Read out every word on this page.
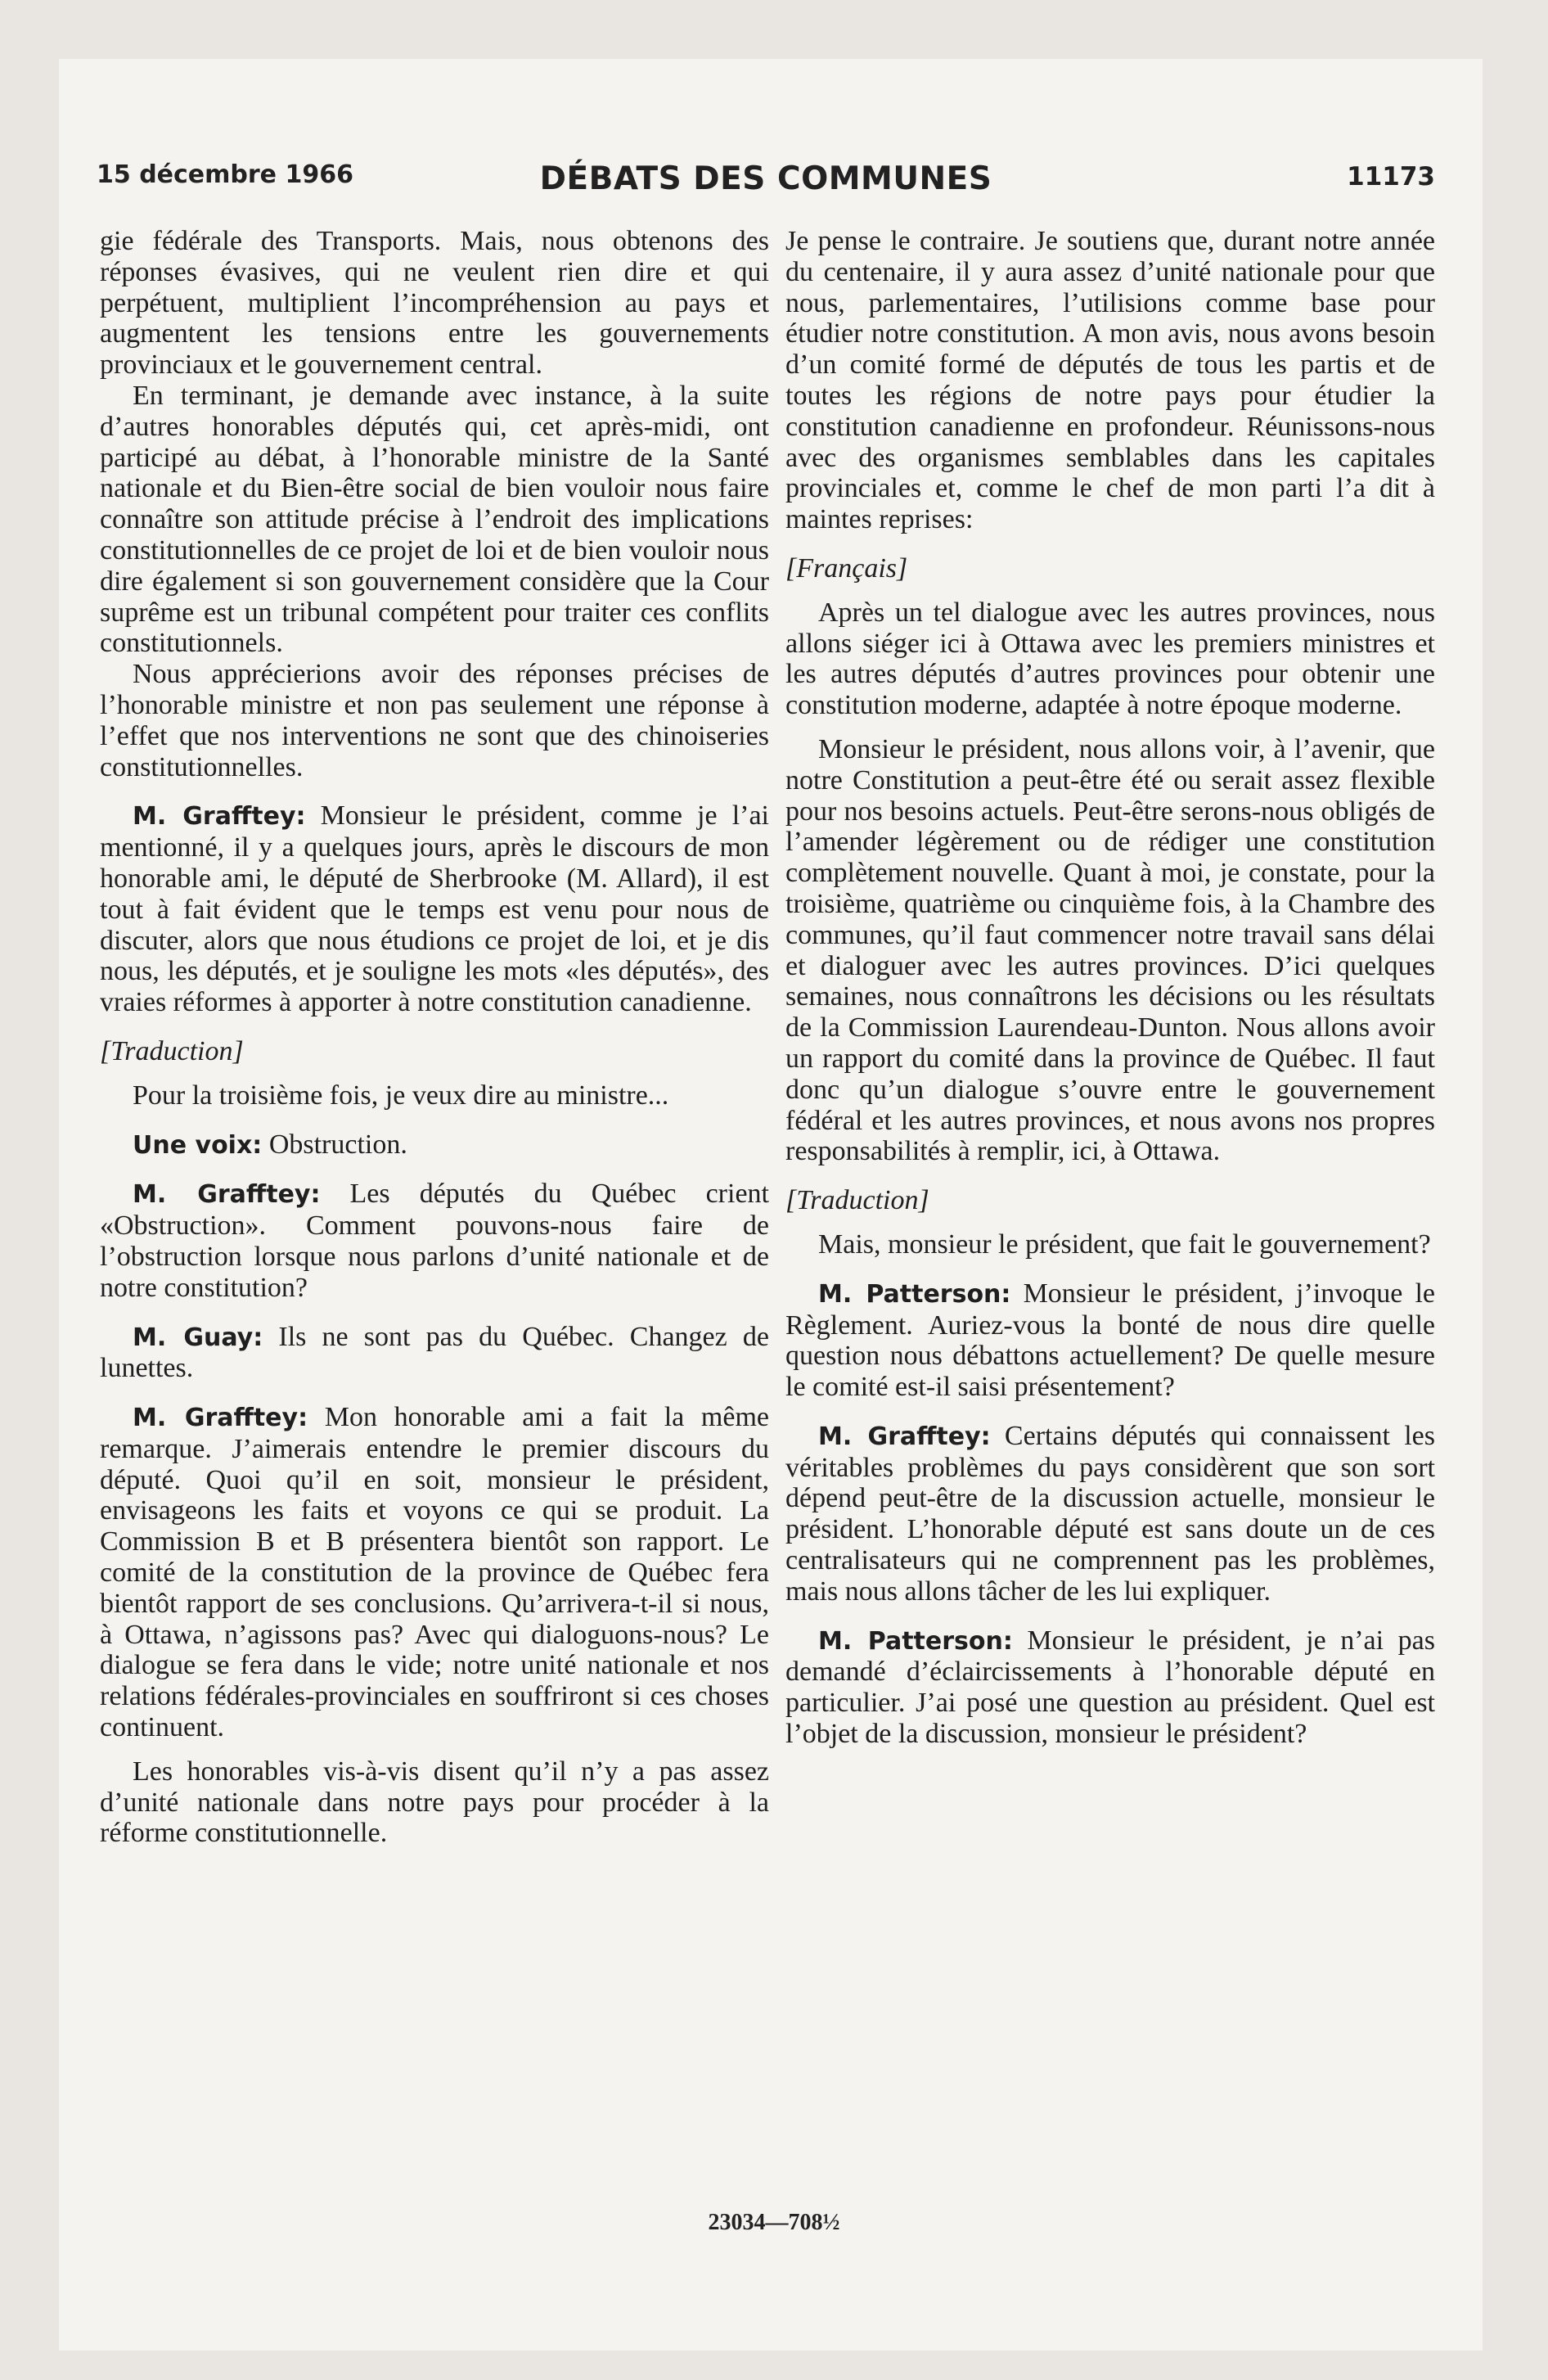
15 décembre 1966	DÉBATS DES COMMUNES	11173

gie fédérale des Transports. Mais, nous obtenons des réponses évasives, qui ne veulent rien dire et qui perpétuent, multiplient l’incompréhension au pays et augmentent les tensions entre les gouvernements provinciaux et le gouvernement central.

En terminant, je demande avec instance, à la suite d’autres honorables députés qui, cet après-midi, ont participé au débat, à l’honorable ministre de la Santé nationale et du Bien-être social de bien vouloir nous faire connaître son attitude précise à l’endroit des implications constitutionnelles de ce projet de loi et de bien vouloir nous dire également si son gouvernement considère que la Cour suprême est un tribunal compétent pour traiter ces conflits constitutionnels.

Nous apprécierions avoir des réponses précises de l’honorable ministre et non pas seulement une réponse à l’effet que nos interventions ne sont que des chinoiseries constitutionnelles.

M. Grafftey: Monsieur le président, comme je l’ai mentionné, il y a quelques jours, après le discours de mon honorable ami, le député de Sherbrooke (M. Allard), il est tout à fait évident que le temps est venu pour nous de discuter, alors que nous étudions ce projet de loi, et je dis nous, les députés, et je souligne les mots «les députés», des vraies réformes à apporter à notre constitution canadienne.

[Traduction]

Pour la troisième fois, je veux dire au ministre...

Une voix: Obstruction.

M. Grafftey: Les députés du Québec crient «Obstruction». Comment pouvons-nous faire de l’obstruction lorsque nous parlons d’unité nationale et de notre constitution?

M. Guay: Ils ne sont pas du Québec. Changez de lunettes.

M. Grafftey: Mon honorable ami a fait la même remarque. J’aimerais entendre le premier discours du député. Quoi qu’il en soit, monsieur le président, envisageons les faits et voyons ce qui se produit. La Commission B et B présentera bientôt son rapport. Le comité de la constitution de la province de Québec fera bientôt rapport de ses conclusions. Qu’arrivera-t-il si nous, à Ottawa, n’agissons pas? Avec qui dialoguons-nous? Le dialogue se fera dans le vide; notre unité nationale et nos relations fédérales-provinciales en souffriront si ces choses continuent.

Les honorables vis-à-vis disent qu’il n’y a pas assez d’unité nationale dans notre pays pour procéder à la réforme constitutionnelle.

Je pense le contraire. Je soutiens que, durant notre année du centenaire, il y aura assez d’unité nationale pour que nous, parlementaires, l’utilisions comme base pour étudier notre constitution. A mon avis, nous avons besoin d’un comité formé de députés de tous les partis et de toutes les régions de notre pays pour étudier la constitution canadienne en profondeur. Réunissons-nous avec des organismes semblables dans les capitales provinciales et, comme le chef de mon parti l’a dit à maintes reprises:

[Français]

Après un tel dialogue avec les autres provinces, nous allons siéger ici à Ottawa avec les premiers ministres et les autres députés d’autres provinces pour obtenir une constitution moderne, adaptée à notre époque moderne.

Monsieur le président, nous allons voir, à l’avenir, que notre Constitution a peut-être été ou serait assez flexible pour nos besoins actuels. Peut-être serons-nous obligés de l’amender légèrement ou de rédiger une constitution complètement nouvelle. Quant à moi, je constate, pour la troisième, quatrième ou cinquième fois, à la Chambre des communes, qu’il faut commencer notre travail sans délai et dialoguer avec les autres provinces. D’ici quelques semaines, nous connaîtrons les décisions ou les résultats de la Commission Laurendeau-Dunton. Nous allons avoir un rapport du comité dans la province de Québec. Il faut donc qu’un dialogue s’ouvre entre le gouvernement fédéral et les autres provinces, et nous avons nos propres responsabilités à remplir, ici, à Ottawa.

[Traduction]

Mais, monsieur le président, que fait le gouvernement?

M. Patterson: Monsieur le président, j’invoque le Règlement. Auriez-vous la bonté de nous dire quelle question nous débattons actuellement? De quelle mesure le comité est-il saisi présentement?

M. Grafftey: Certains députés qui connaissent les véritables problèmes du pays considèrent que son sort dépend peut-être de la discussion actuelle, monsieur le président. L’honorable député est sans doute un de ces centralisateurs qui ne comprennent pas les problèmes, mais nous allons tâcher de les lui expliquer.

M. Patterson: Monsieur le président, je n’ai pas demandé d’éclaircissements à l’honorable député en particulier. J’ai posé une question au président. Quel est l’objet de la discussion, monsieur le président?

23034—708½
